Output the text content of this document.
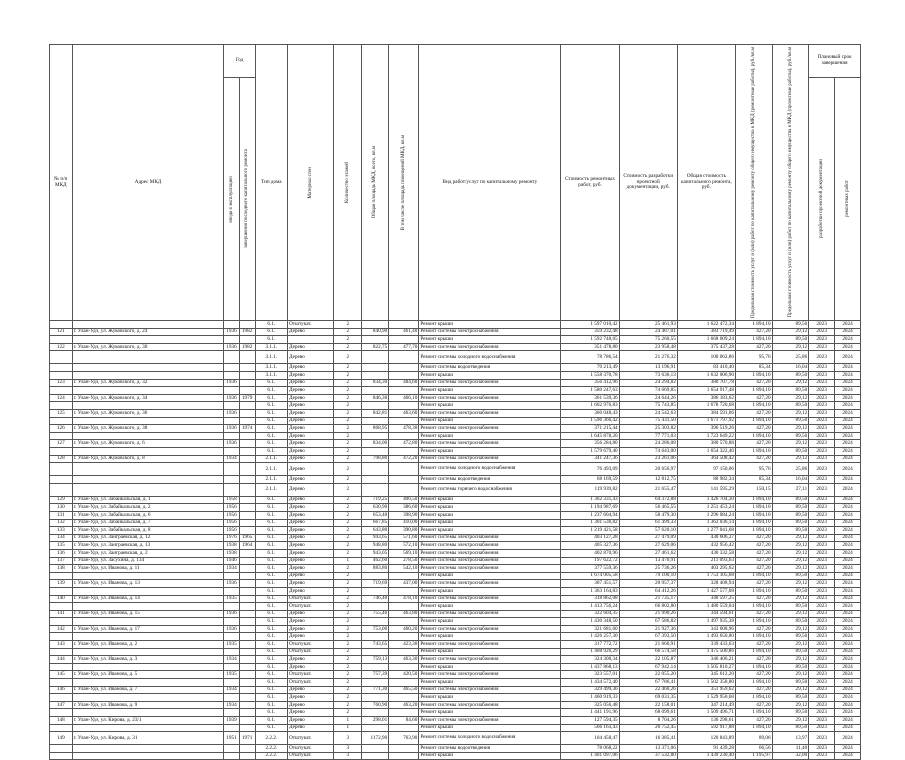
№ п/п МКД	Адрес МКД	Год		Тип дома	Материал стен	Количество этажей	Общая площадь МКД, всего, кв.м	В том числе площадь помещений МКД, кв.м	Вид работ/услуг по капитальному ремонту	Стоимость ремонтных работ, руб.	Стоимость разработки проектной документации, руб.	Общая стоимость капитального ремонта, руб.	Предельная стоимость услуг и (или) работ по капитальному ремонту общего имущества в МКД (ремонтные работы), руб./кв.м	Предельная стоимость услуг и (или) работ по капитальному ремонту общего имущества в МКД (проектные работы), руб./кв.м	Плановый срок завершения	

		ввода в эксплуатацию	завершения последнего капитального ремонта												разработки проектной документации	ремонтных работ

				6.1.	Отштукат.	2			Ремонт крыши	1 597 010,42	25 461,93	1 622 472,34	1 894,10	89,50	2023	2024
121	г. Улан-Удэ, ул. Жуковского, д. 24	1936	1982	6.1.	Дерево	2	840,90	461,40	Ремонт системы электроснабжения	359 232,48	24 487,01	383 719,49	427,20	29,12	2023	2024
				6.1.		2			Ремонт крыши	1 592 748,05	75 260,55	1 668 009,24	1 894,10	89,50	2023	2024
122	г. Улан-Удэ, ул. Жуковского, д. 30	1936	1982	3.1.1.	Дерево	2	822,75	477,70	Ремонт системы электроснабжения	351 478,80	23 958,48	375 437,28	427,20	29,12	2023	2024
				3.1.1.	Дерево	2			Ремонт системы холодного водоснабжения	78 786,54	21 276,32	100 062,86	95,76	25,86	2023	2024
				3.1.1.	Дерево	2			Ремонт системы водоотведения	70 213,49	13 196,91	83 410,40	85,34	16,04	2023	2024
				3.1.1.	Дерево	2			Ремонт крыши	1 558 370,78	73 636,13	1 632 006,90	1 894,10	89,50	2023	2024
123	г. Улан-Удэ, ул. Жуковского, д. 32	1936		6.1.	Дерево	2	834,30	484,60	Ремонт системы электроснабжения	356 412,96	24 294,82	380 707,78	427,20	29,12	2023	2024
				6.1.	Дерево	2			Ремонт крыши	1 580 247,63	74 669,85	1 654 917,48	1 894,10	89,50	2023	2024
124	г. Улан-Удэ, ул. Жуковского, д. 34	1936	1979	6.1.	Дерево	2	846,30	466,10	Ремонт системы электроснабжения	361 539,36	24 644,26	386 183,62	427,20	29,12	2023	2024
				6.1.	Дерево	2			Ремонт крыши	1 602 976,83	75 743,85	1 678 720,68	1 894,10	89,50	2023	2024
125	г. Улан-Удэ, ул. Жуковского, д. 36	1936		6.1.	Дерево	2	842,81	463,60	Ремонт системы электроснабжения	360 048,43	24 542,63	384 591,06	427,20	29,12	2023	2024
				6.1.	Дерево	2			Ремонт крыши	1 596 366,42	75 431,50	1 671 797,92	1 894,10	89,50	2023	2024
126	г. Улан-Удэ, ул. Жуковского, д. 38	1936	1974	6.1.	Дерево	2	868,95	478,30	Ремонт системы электроснабжения	371 215,44	25 303,82	396 519,26	427,20	29,12	2023	2024
				6.1.	Дерево	2			Ремонт крыши	1 645 878,20	77 771,03	1 723 649,22	1 894,10	89,50	2023	2024
127	г. Улан-Удэ, ул. Жуковского, д. 6	1936		6.1.	Дерево	2	834,00	472,80	Ремонт системы электроснабжения	356 284,80	24 286,08	380 570,88	427,20	29,12	2023	2024
				6.1.	Дерево	2			Ремонт крыши	1 579 679,40	74 643,00	1 654 322,40	1 894,10	89,50	2023	2024
128	г. Улан-Удэ, ул. Жуковского, д. 8	1934		2.1.1.	Дерево	2	798,80	472,20	Ремонт системы электроснабжения	341 247,36	23 261,06	364 508,42	427,20	29,12	2023	2024
				2.1.1.	Дерево	2			Ремонт системы холодного водоснабжения	76 493,09	20 656,97	97 150,06	95,76	25,86	2023	2024
				2.1.1.	Дерево	2			Ремонт системы водоотведения	68 169,59	12 812,75	80 982,34	85,34	16,04	2023	2024
				2.1.1.	Дерево	2			Ремонт системы горячего водоснабжения	119 939,82	21 655,47	141 595,29	150,15	27,11	2023	2024
129	г. Улан-Удэ, ул. Забайкальская, д. 1	1958		6.1.	Дерево	2	719,25	406,50	Ремонт крыши	1 362 331,43	64 372,88	1 426 704,30	1 894,10	89,50	2023	2024
130	г. Улан-Удэ, ул. Забайкальская, д. 2	1956		6.1.	Дерево	2	630,90	386,60	Ремонт крыши	1 194 987,69	56 465,55	1 251 453,24	1 894,10	89,50	2023	2024
131	г. Улан-Удэ, ул. Забайкальская, д. 6	1956		6.1.	Дерево	2	653,40	398,90	Ремонт крыши	1 237 604,94	58 479,30	1 296 084,24	1 894,10	89,50	2023	2024
132	г. Улан-Удэ, ул. Забайкальская, д. 7	1956		6.1.	Дерево	2	667,85	410,00	Ремонт крыши	1 301 536,82	61 499,33	1 363 036,14	1 894,10	89,50	2023	2024
133	г. Улан-Удэ, ул. Забайкальская, д. 8	1956		6.1.	Дерево	2	643,80	390,80	Ремонт крыши	1 219 421,58	57 620,10	1 277 041,68	1 894,10	89,50	2023	2024
134	г. Улан-Удэ, ул. Заиграевская, д. 12	1976	1965	6.1.	Дерево	2	943,65	571,60	Ремонт системы электроснабжения	403 127,28	27 479,09	430 606,37	427,20	29,12	2023	2024
135	г. Улан-Удэ, ул. Заиграевская, д. 13	1938	1964	6.1.	Дерево	2	948,80	572,10	Ремонт системы электроснабжения	405 327,36	27 629,06	432 956,42	427,20	29,12	2023	2024
136	г. Улан-Удэ, ул. Заиграевская, д. 2	1938		6.1.	Дерево	2	943,05	569,10	Ремонт системы электроснабжения	402 870,96	27 461,62	430 332,58	427,20	29,12	2023	2024
137	г. Улан-Удэ, ул. Засухина, д. 134	1946		6.1.	Дерево	1	462,60	278,50	Ремонт системы электроснабжения	197 622,72	13 470,91	211 093,63	427,20	29,12	2023	2024
138	г. Улан-Удэ, ул. Иванова, д. 11	1934		6.1.	Дерево	2	883,80	542,10	Ремонт системы электроснабжения	377 559,36	25 736,26	403 295,62	427,20	29,12	2023	2024
				6.1.	Дерево	2			Ремонт крыши	1 674 005,58	79 100,10	1 753 105,68	1 894,10	89,50	2023	2024
139	г. Улан-Удэ, ул. Иванова, д. 13	1936		6.1.	Дерево	2	719,69	437,00	Ремонт системы электроснабжения	307 451,57	20 957,37	328 408,94	427,20	29,12	2023	2024
				6.1.	Дерево	2			Ремонт крыши	1 363 164,83	64 412,26	1 427 577,08	1 894,10	89,50	2023	2024
140	г. Улан-Удэ, ул. Иванова, д. 14	1935		6.1.	Отштукат.	2	746,40	478,10	Ремонт системы электроснабжения	318 862,08	21 735,17	340 597,25	427,20	29,12	2023	2024
				6.1.	Отштукат.	2			Ремонт крыши	1 413 756,24	66 802,80	1 480 559,04	1 894,10	89,50	2023	2024
141	г. Улан-Удэ, ул. Иванова, д. 15	1936		6.1.	Дерево	2	755,46	463,80	Ремонт системы электроснабжения	322 604,35	21 990,26	344 594,61	427,20	29,12	2023	2024
				6.1.	Дерево	2			Ремонт крыши	1 430 348,50	67 586,82	1 497 935,38	1 894,10	89,50	2023	2024
142	г. Улан-Удэ, ул. Иванова, д. 17	1936		6.1.	Дерево	2	753,00	460,20	Ремонт системы электроснабжения	321 681,60	21 927,36	343 608,96	427,20	29,12	2023	2024
				6.1.	Дерево	2			Ремонт крыши	1 426 257,30	67 393,50	1 493 650,80	1 894,10	89,50	2023	2024
143	г. Улан-Удэ, ул. Иванова, д. 2	1935		6.1.	Отштукат.	2	743,65	423,30	Ремонт системы электроснабжения	317 772,72	21 660,91	339 433,63	427,20	29,12	2023	2024
				6.1.	Отштукат.	2			Ремонт крыши	1 408 926,29	66 574,58	1 475 500,86	1 894,10	89,50	2023	2024
144	г. Улан-Удэ, ул. Иванова, д. 3	1934		6.1.	Дерево	2	759,13	463,30	Ремонт системы электроснабжения	324 300,34	22 105,87	346 406,21	427,20	29,12	2023	2024
				6.1.	Дерево	2			Ремонт крыши	1 437 868,13	67 942,14	1 505 810,27	1 894,10	89,50	2023	2024
145	г. Улан-Удэ, ул. Иванова, д. 5	1935		6.1.	Отштукат.	2	757,39	420,50	Ремонт системы электроснабжения	323 557,01	22 055,20	345 612,20	427,20	29,12	2023	2024
				6.1.	Отштукат.	2			Ремонт крыши	1 434 572,40	67 786,41	1 502 358,80	1 894,10	89,50	2023	2024
146	г. Улан-Удэ, ул. Иванова, д. 7	1934		6.1.	Дерево	2	771,30	465,50	Ремонт системы электроснабжения	329 499,36	22 460,26	351 959,62	427,20	29,12	2023	2024
				6.1.	Дерево	2			Ремонт крыши	1 460 919,33	69 031,35	1 529 950,68	1 894,10	89,50	2023	2024
147	г. Улан-Удэ, ул. Иванова, д. 9	1934		6.1.	Дерево	2	760,90	463,20	Ремонт системы электроснабжения	325 056,48	22 158,01	347 214,49	427,20	29,12	2023	2024
				6.1.	Дерево	2			Ремонт крыши	1 441 191,96	68 099,61	1 509 496,71	1 894,10	89,50	2023	2024
148	г. Улан-Удэ, ул. Кирова, д. 23/1	1939		6.1.	Дерево	1	298,01	84,60	Ремонт системы электроснабжения	127 594,35	8 704,26	136 298,61	427,20	29,12	2023	2024
				6.1.	Дерево	1			Ремонт крыши	566 163,43	26 752,45	592 917,88	1 894,10	89,50	2023	2024
149	г. Улан-Удэ, ул. Кирова, д. 31	1951	1971	2.2.2.	Отштукат.	3	1172,90	763,90	Ремонт системы холодного водоснабжения	104 458,47	16 385,41	120 843,89	89,06	13,97	2023	2024
				2.2.2.	Отштукат.	3			Ремонт системы водоотведения	78 068,22	13 371,06	91 439,28	66,56	11,40	2023	2024
				2.2.2.	Отштукат.	3			Ремонт крыши	1 401 097,06	37 532,80	1 439 230,40	1 195,97	32,00	2023	2024
